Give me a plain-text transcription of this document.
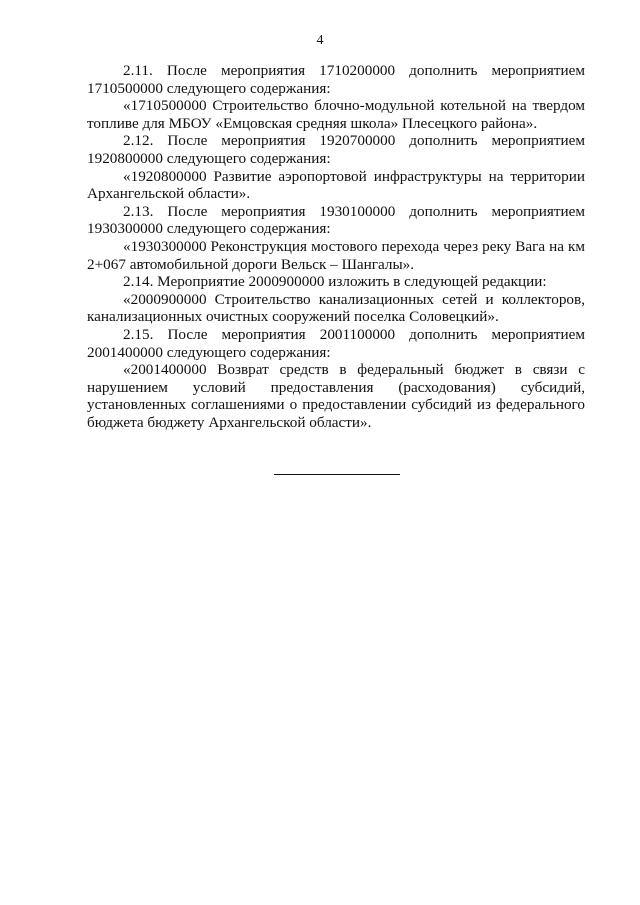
4

2.11. После мероприятия 1710200000 дополнить мероприятием 1710500000 следующего содержания:

«1710500000 Строительство блочно-модульной котельной на твердом топливе для МБОУ «Емцовская средняя школа» Плесецкого района».

2.12. После мероприятия 1920700000 дополнить мероприятием 1920800000 следующего содержания:

«1920800000 Развитие аэропортовой инфраструктуры на территории Архангельской области».

2.13. После мероприятия 1930100000 дополнить мероприятием 1930300000 следующего содержания:

«1930300000 Реконструкция мостового перехода через реку Вага на км 2+067 автомобильной дороги Вельск – Шангалы».

2.14. Мероприятие 2000900000 изложить в следующей редакции:

«2000900000 Строительство канализационных сетей и коллекторов, канализационных очистных сооружений поселка Соловецкий».

2.15. После мероприятия 2001100000 дополнить мероприятием 2001400000 следующего содержания:

«2001400000 Возврат средств в федеральный бюджет в связи с нарушением условий предоставления (расходования) субсидий, установленных соглашениями о предоставлении субсидий из федерального бюджета бюджету Архангельской области».
